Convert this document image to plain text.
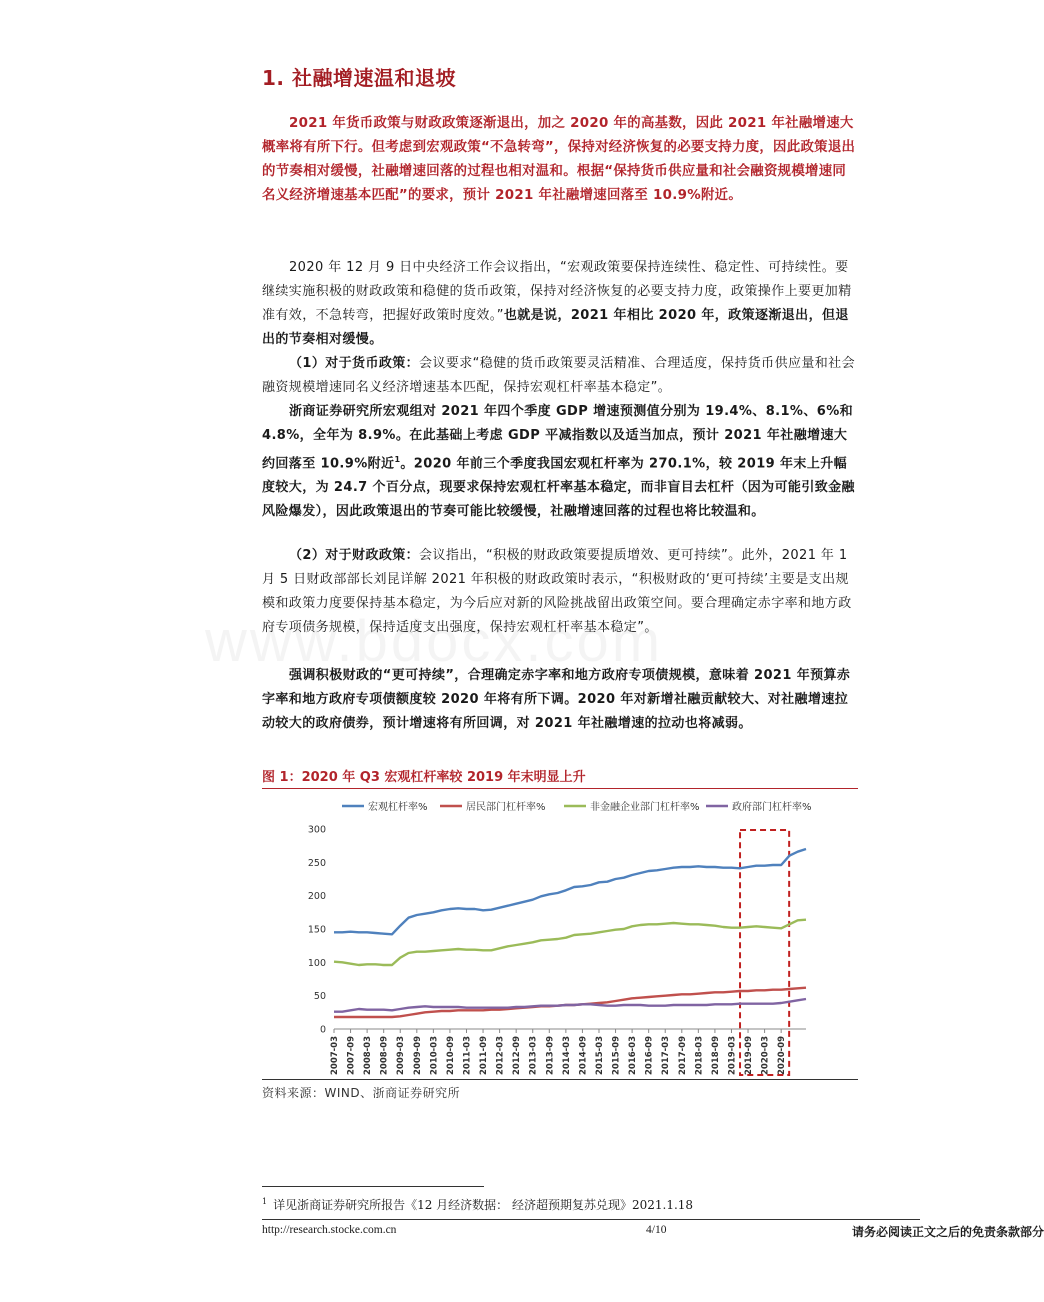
1. 社融增速温和退坡

2021 年货币政策与财政政策逐渐退出，加之 2020 年的高基数，因此 2021 年社融增速大概率将有所下行。但考虑到宏观政策“不急转弯”，保持对经济恢复的必要支持力度，因此政策退出的节奏相对缓慢，社融增速回落的过程也相对温和。根据“保持货币供应量和社会融资规模增速同名义经济增速基本匹配”的要求，预计 2021 年社融增速回落至 10.9%附近。

2020 年 12 月 9 日中央经济工作会议指出，“宏观政策要保持连续性、稳定性、可持续性。要继续实施积极的财政政策和稳健的货币政策，保持对经济恢复的必要支持力度，政策操作上要更加精准有效，不急转弯，把握好政策时度效。”也就是说，2021 年相比 2020 年，政策逐渐退出，但退出的节奏相对缓慢。

（1）对于货币政策：会议要求“稳健的货币政策要灵活精准、合理适度，保持货币供应量和社会融资规模增速同名义经济增速基本匹配，保持宏观杠杆率基本稳定”。

浙商证券研究所宏观组对 2021 年四个季度 GDP 增速预测值分别为 19.4%、8.1%、6%和 4.8%，全年为 8.9%。在此基础上考虑 GDP 平减指数以及适当加点，预计 2021 年社融增速大约回落至 10.9%附近$^1$。2020 年前三个季度我国宏观杠杆率为 270.1%，较 2019 年末上升幅度较大，为 24.7 个百分点，现要求保持宏观杠杆率基本稳定，而非盲目去杠杆（因为可能引致金融风险爆发），因此政策退出的节奏可能比较缓慢，社融增速回落的过程也将比较温和。

（2）对于财政政策：会议指出，“积极的财政政策要提质增效、更可持续”。此外，2021 年 1 月 5 日财政部部长刘昆详解 2021 年积极的财政政策时表示，“积极财政的‘更可持续’主要是支出规模和政策力度要保持基本稳定，为今后应对新的风险挑战留出政策空间。要合理确定赤字率和地方政府专项债务规模，保持适度支出强度，保持宏观杠杆率基本稳定”。

强调积极财政的“更可持续”，合理确定赤字率和地方政府专项债规模，意味着 2021 年预算赤字率和地方政府专项债额度较 2020 年将有所下调。2020 年对新增社融贡献较大、对社融增速拉动较大的政府债券，预计增速将有所回调，对 2021 年社融增速的拉动也将减弱。

图 1：2020 年 Q3 宏观杠杆率较 2019 年末明显上升
宏观杠杆率%	居民部门杠杆率%	非金融企业部门杠杆率%	政府部门杠杆率%
0
50
100
150
200
250
300
2007-03 2007-09 2008-03 2008-09 2009-03 2009-09 2010-03 2010-09 2011-03 2011-09 2012-03 2012-09 2013-03 2013-09 2014-03 2014-09 2015-03 2015-09 2016-03 2016-09 2017-03 2017-09 2018-03 2018-09 2019-03 2019-09 2020-03 2020-09
资料来源：WIND、浙商证券研究所
$^1$ 详见浙商证券研究所报告《12 月经济数据： 经济超预期复苏兑现》2021.1.18
http://research.stocke.com.cn	4/10	请务必阅读正文之后的免责条款部分
